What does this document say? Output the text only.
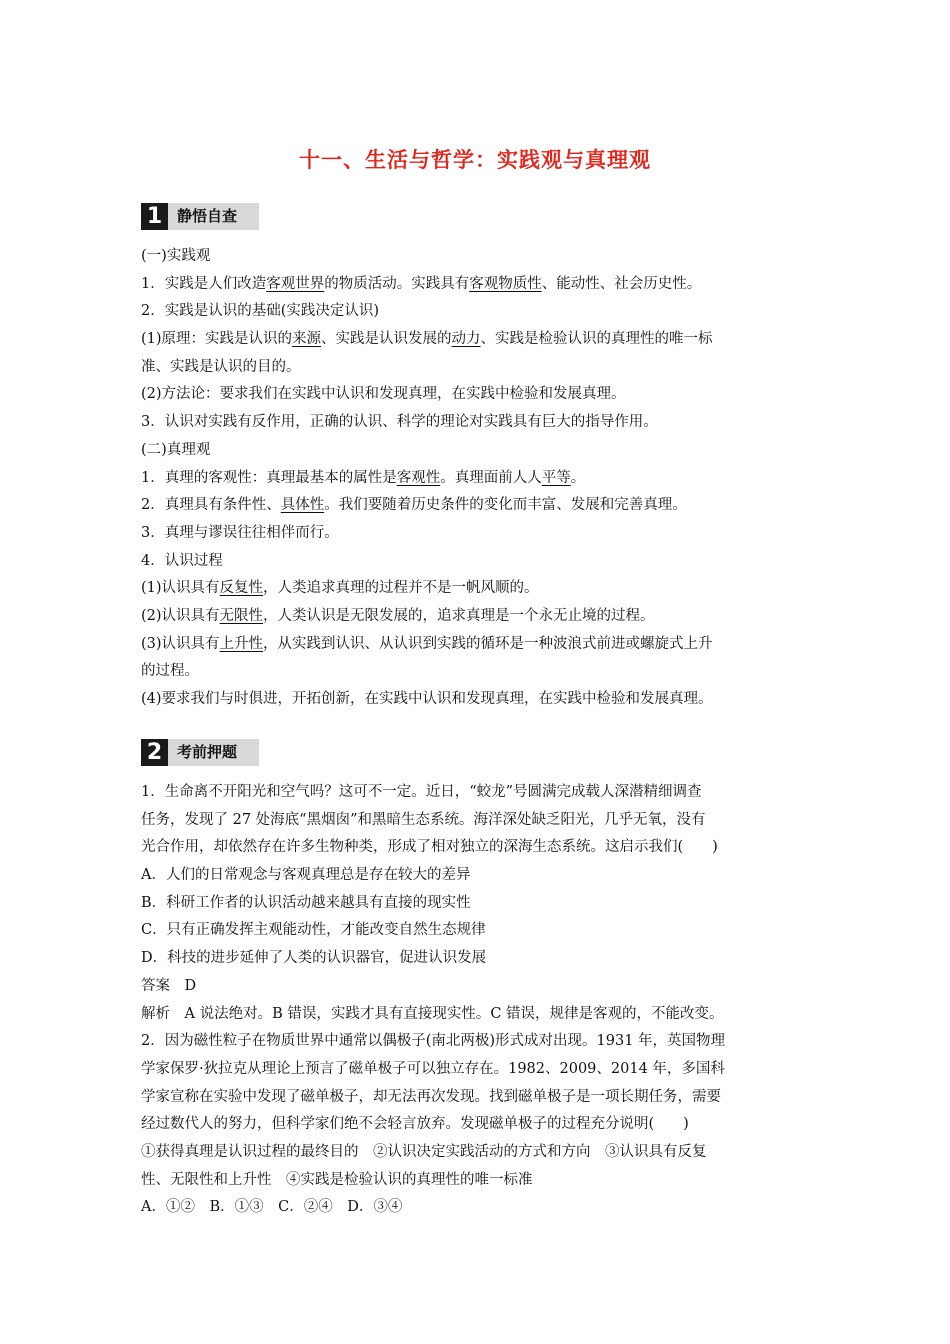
十一、生活与哲学：实践观与真理观
1 静悟自查
(一)实践观
1．实践是人们改造客观世界的物质活动。实践具有客观物质性、能动性、社会历史性。
2．实践是认识的基础(实践决定认识)
(1)原理：实践是认识的来源、实践是认识发展的动力、实践是检验认识的真理性的唯一标
准、实践是认识的目的。
(2)方法论：要求我们在实践中认识和发现真理，在实践中检验和发展真理。
3．认识对实践有反作用，正确的认识、科学的理论对实践具有巨大的指导作用。
(二)真理观
1．真理的客观性：真理最基本的属性是客观性。真理面前人人平等。
2．真理具有条件性、具体性。我们要随着历史条件的变化而丰富、发展和完善真理。
3．真理与谬误往往相伴而行。
4．认识过程
(1)认识具有反复性，人类追求真理的过程并不是一帆风顺的。
(2)认识具有无限性，人类认识是无限发展的，追求真理是一个永无止境的过程。
(3)认识具有上升性，从实践到认识、从认识到实践的循环是一种波浪式前进或螺旋式上升
的过程。
(4)要求我们与时俱进，开拓创新，在实践中认识和发现真理，在实践中检验和发展真理。
2 考前押题
1．生命离不开阳光和空气吗？这可不一定。近日，“蛟龙”号圆满完成载人深潜精细调查
任务，发现了 27 处海底“黑烟囱”和黑暗生态系统。海洋深处缺乏阳光，几乎无氧，没有
光合作用，却依然存在许多生物种类，形成了相对独立的深海生态系统。这启示我们(　　)
A．人们的日常观念与客观真理总是存在较大的差异
B．科研工作者的认识活动越来越具有直接的现实性
C．只有正确发挥主观能动性，才能改变自然生态规律
D．科技的进步延伸了人类的认识器官，促进认识发展
答案　D
解析　A 说法绝对。B 错误，实践才具有直接现实性。C 错误，规律是客观的，不能改变。
2．因为磁性粒子在物质世界中通常以偶极子(南北两极)形式成对出现。1931 年，英国物理
学家保罗·狄拉克从理论上预言了磁单极子可以独立存在。1982、2009、2014 年，多国科
学家宣称在实验中发现了磁单极子，却无法再次发现。找到磁单极子是一项长期任务，需要
经过数代人的努力，但科学家们绝不会轻言放弃。发现磁单极子的过程充分说明(　　)
①获得真理是认识过程的最终目的　②认识决定实践活动的方式和方向　③认识具有反复
性、无限性和上升性　④实践是检验认识的真理性的唯一标准
A．①②　B．①③　C．②④　D．③④
